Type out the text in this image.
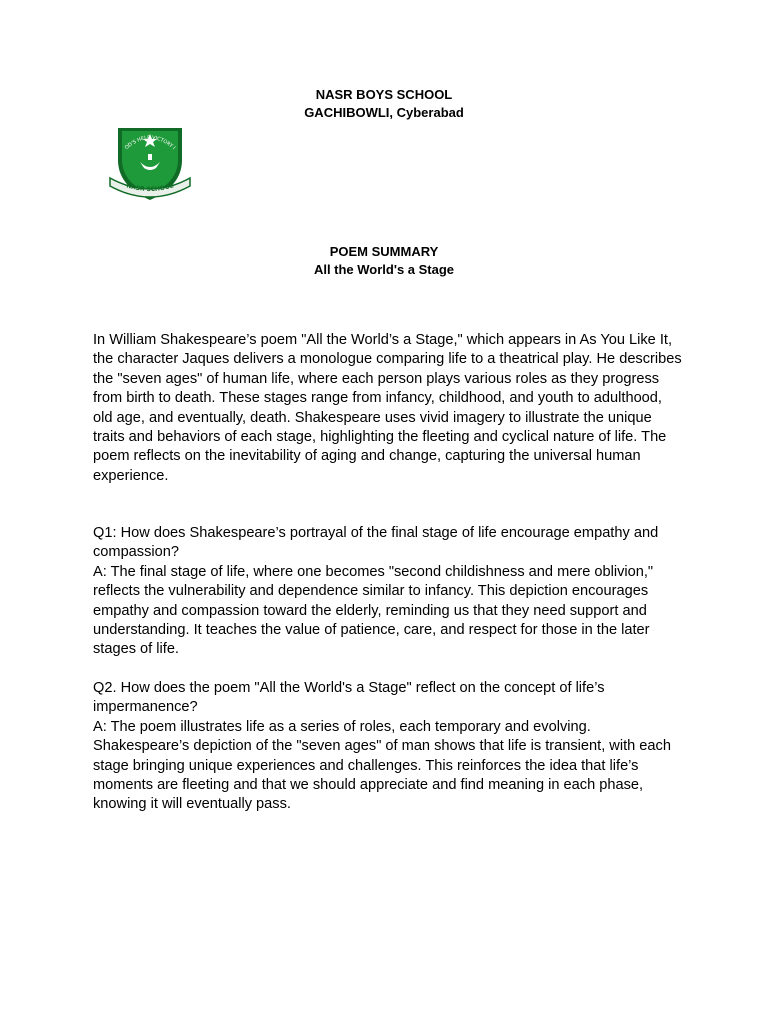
NASR BOYS SCHOOL
GACHIBOWLI, Cyberabad
OD'S HELP VICTORY I
NASR SCHOOL
POEM SUMMARY
All the World's a Stage
In William Shakespeare’s poem "All the World’s a Stage," which appears in As You Like It, the character Jaques delivers a monologue comparing life to a theatrical play. He describes the "seven ages" of human life, where each person plays various roles as they progress from birth to death. These stages range from infancy, childhood, and youth to adulthood, old age, and eventually, death. Shakespeare uses vivid imagery to illustrate the unique traits and behaviors of each stage, highlighting the fleeting and cyclical nature of life. The poem reflects on the inevitability of aging and change, capturing the universal human experience.
Q1: How does Shakespeare’s portrayal of the final stage of life encourage empathy and compassion?
A: The final stage of life, where one becomes "second childishness and mere oblivion," reflects the vulnerability and dependence similar to infancy. This depiction encourages empathy and compassion toward the elderly, reminding us that they need support and understanding. It teaches the value of patience, care, and respect for those in the later stages of life.
Q2. How does the poem "All the World's a Stage" reflect on the concept of life’s impermanence?
A: The poem illustrates life as a series of roles, each temporary and evolving. Shakespeare’s depiction of the "seven ages" of man shows that life is transient, with each stage bringing unique experiences and challenges. This reinforces the idea that life’s moments are fleeting and that we should appreciate and find meaning in each phase, knowing it will eventually pass.
